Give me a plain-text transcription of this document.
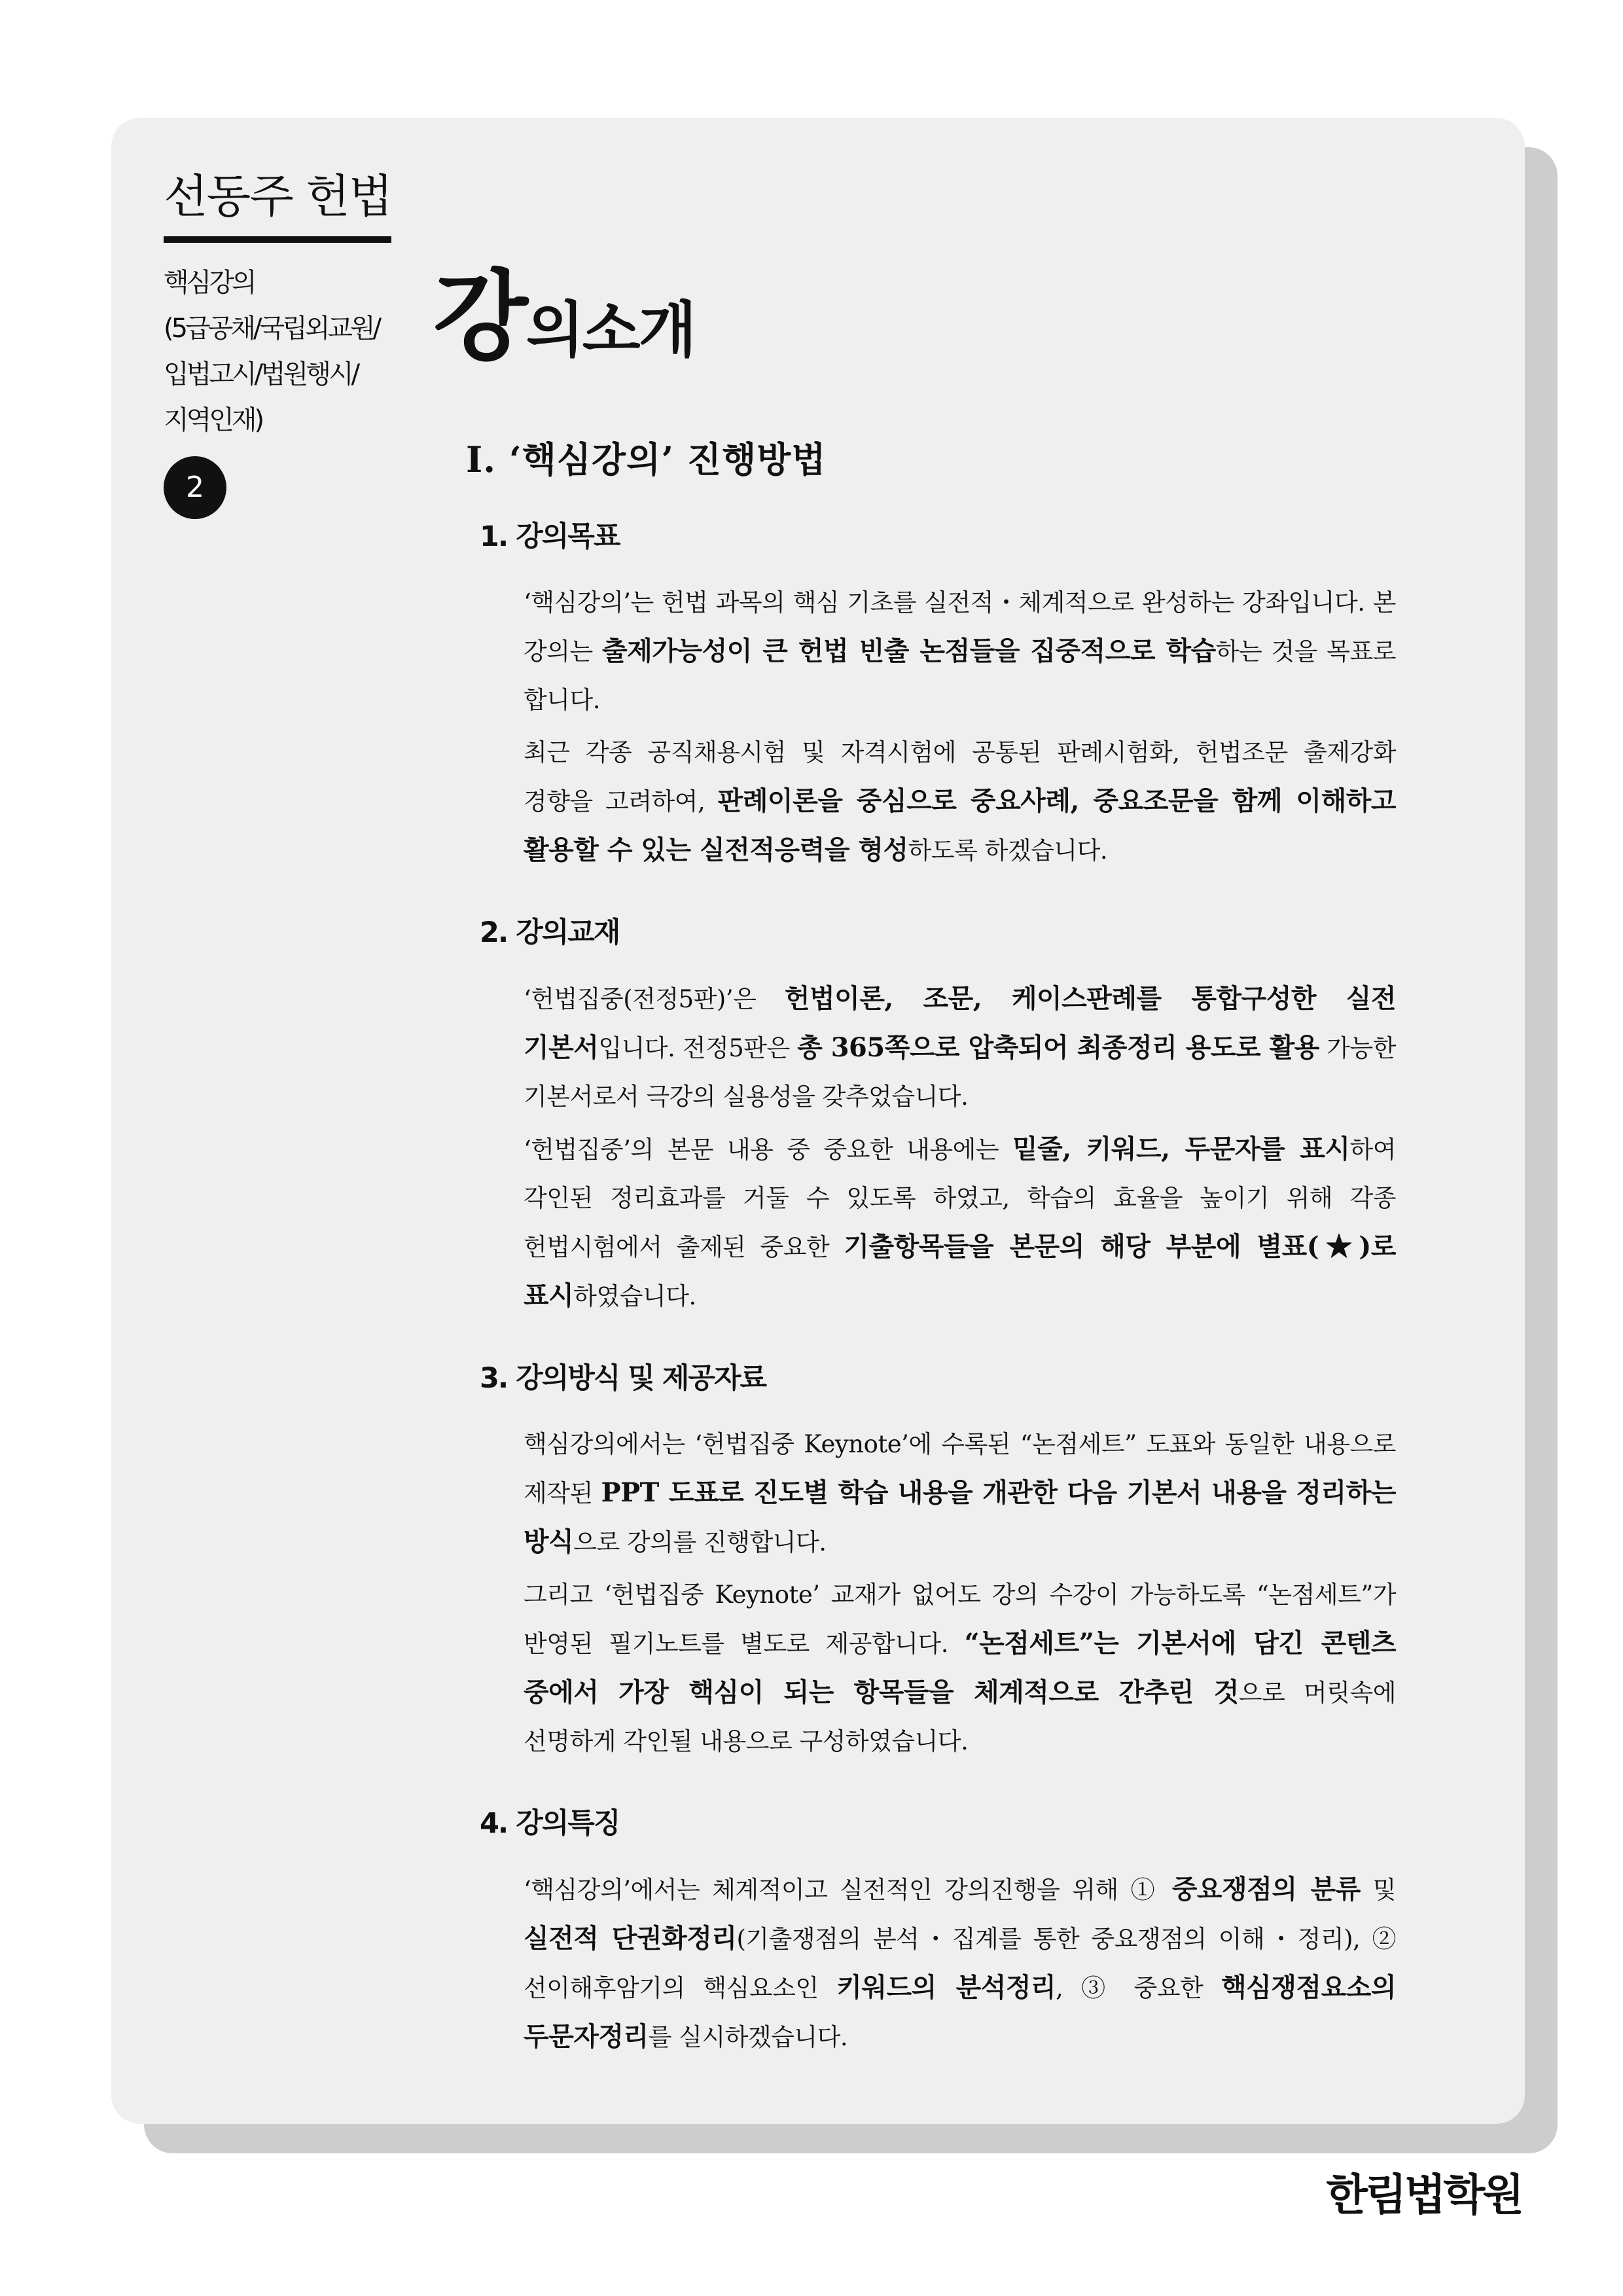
선동주 헌법
핵심강의
(5급공채/국립외교원/
입법고시/법원행시/
지역인재)
2
강의소개
Ⅰ. ‘핵심강의’ 진행방법
1. 강의목표

‘핵심강의’는 헌법 과목의 핵심 기초를 실전적・체계적으로 완성하는 강좌입니다. 본 강의는 출제가능성이 큰 헌법 빈출 논점들을 집중적으로 학습하는 것을 목표로 합니다.

최근 각종 공직채용시험 및 자격시험에 공통된 판례시험화, 헌법조문 출제강화 경향을 고려하여, 판례이론을 중심으로 중요사례, 중요조문을 함께 이해하고 활용할 수 있는 실전적응력을 형성하도록 하겠습니다.

2. 강의교재

‘헌법집중(전정5판)’은 헌법이론, 조문, 케이스판례를 통합구성한 실전 기본서입니다. 전정5판은 총 365쪽으로 압축되어 최종정리 용도로 활용 가능한 기본서로서 극강의 실용성을 갖추었습니다.

‘헌법집중’의 본문 내용 중 중요한 내용에는 밑줄, 키워드, 두문자를 표시하여 각인된 정리효과를 거둘 수 있도록 하였고, 학습의 효율을 높이기 위해 각종 헌법시험에서 출제된 중요한 기출항목들을 본문의 해당 부분에 별표(★)로 표시하였습니다.

3. 강의방식 및 제공자료

핵심강의에서는 ‘헌법집중 Keynote’에 수록된 “논점세트” 도표와 동일한 내용으로 제작된 PPT 도표로 진도별 학습 내용을 개관한 다음 기본서 내용을 정리하는 방식으로 강의를 진행합니다.

그리고 ‘헌법집중 Keynote’ 교재가 없어도 강의 수강이 가능하도록 “논점세트”가 반영된 필기노트를 별도로 제공합니다. “논점세트”는 기본서에 담긴 콘텐츠 중에서 가장 핵심이 되는 항목들을 체계적으로 간추린 것으로 머릿속에 선명하게 각인될 내용으로 구성하였습니다.

4. 강의특징

‘핵심강의’에서는 체계적이고 실전적인 강의진행을 위해 ① 중요쟁점의 분류 및 실전적 단권화정리(기출쟁점의 분석・집계를 통한 중요쟁점의 이해・정리), ② 선이해후암기의 핵심요소인 키워드의 분석정리, ③ 중요한 핵심쟁점요소의 두문자정리를 실시하겠습니다.

한림법학원
